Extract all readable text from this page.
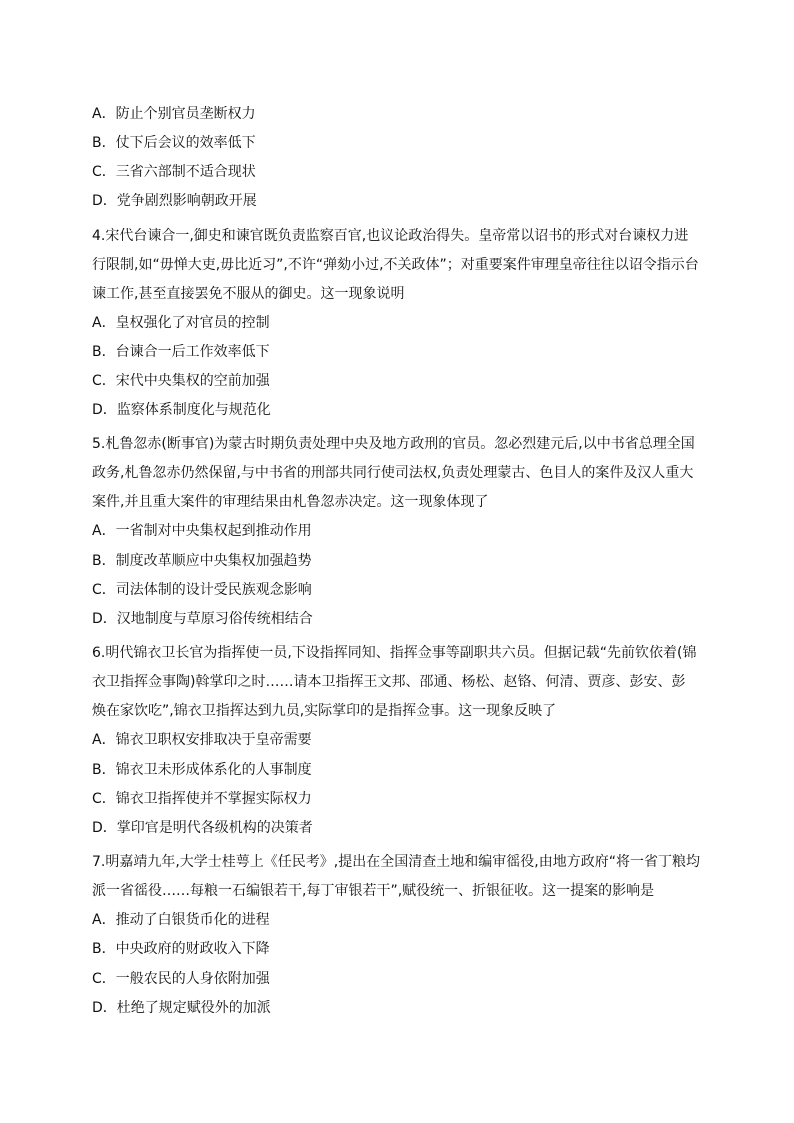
A．防止个别官员垄断权力
B．仗下后会议的效率低下
C．三省六部制不适合现状
D．党争剧烈影响朝政开展
4.宋代台谏合一,御史和谏官既负责监察百官,也议论政治得失。皇帝常以诏书的形式对台谏权力进
行限制,如“毋惮大吏,毋比近习”,不许“弹劾小过,不关政体”；对重要案件审理皇帝往往以诏令指示台
谏工作,甚至直接罢免不服从的御史。这一现象说明
A．皇权强化了对官员的控制
B．台谏合一后工作效率低下
C．宋代中央集权的空前加强
D．监察体系制度化与规范化
5.札鲁忽赤(断事官)为蒙古时期负责处理中央及地方政刑的官员。忽必烈建元后,以中书省总理全国
政务,札鲁忽赤仍然保留,与中书省的刑部共同行使司法权,负责处理蒙古、色目人的案件及汉人重大
案件,并且重大案件的审理结果由札鲁忽赤决定。这一现象体现了
A．一省制对中央集权起到推动作用
B．制度改革顺应中央集权加强趋势
C．司法体制的设计受民族观念影响
D．汉地制度与草原习俗传统相结合
6.明代锦衣卫长官为指挥使一员,下设指挥同知、指挥佥事等副职共六员。但据记载“先前钦依着(锦
衣卫指挥佥事陶)斡掌印之时……请本卫指挥王文邦、邵通、杨松、赵铬、何清、贾彦、彭安、彭
焕在家饮吃”,锦衣卫指挥达到九员,实际掌印的是指挥佥事。这一现象反映了
A．锦衣卫职权安排取决于皇帝需要
B．锦衣卫未形成体系化的人事制度
C．锦衣卫指挥使并不掌握实际权力
D．掌印官是明代各级机构的决策者
7.明嘉靖九年,大学士桂萼上《任民考》,提出在全国清查土地和编审徭役,由地方政府“将一省丁粮均
派一省徭役……每粮一石编银若干,每丁审银若干”,赋役统一、折银征收。这一提案的影响是
A．推动了白银货币化的进程
B．中央政府的财政收入下降
C．一般农民的人身依附加强
D．杜绝了规定赋役外的加派
